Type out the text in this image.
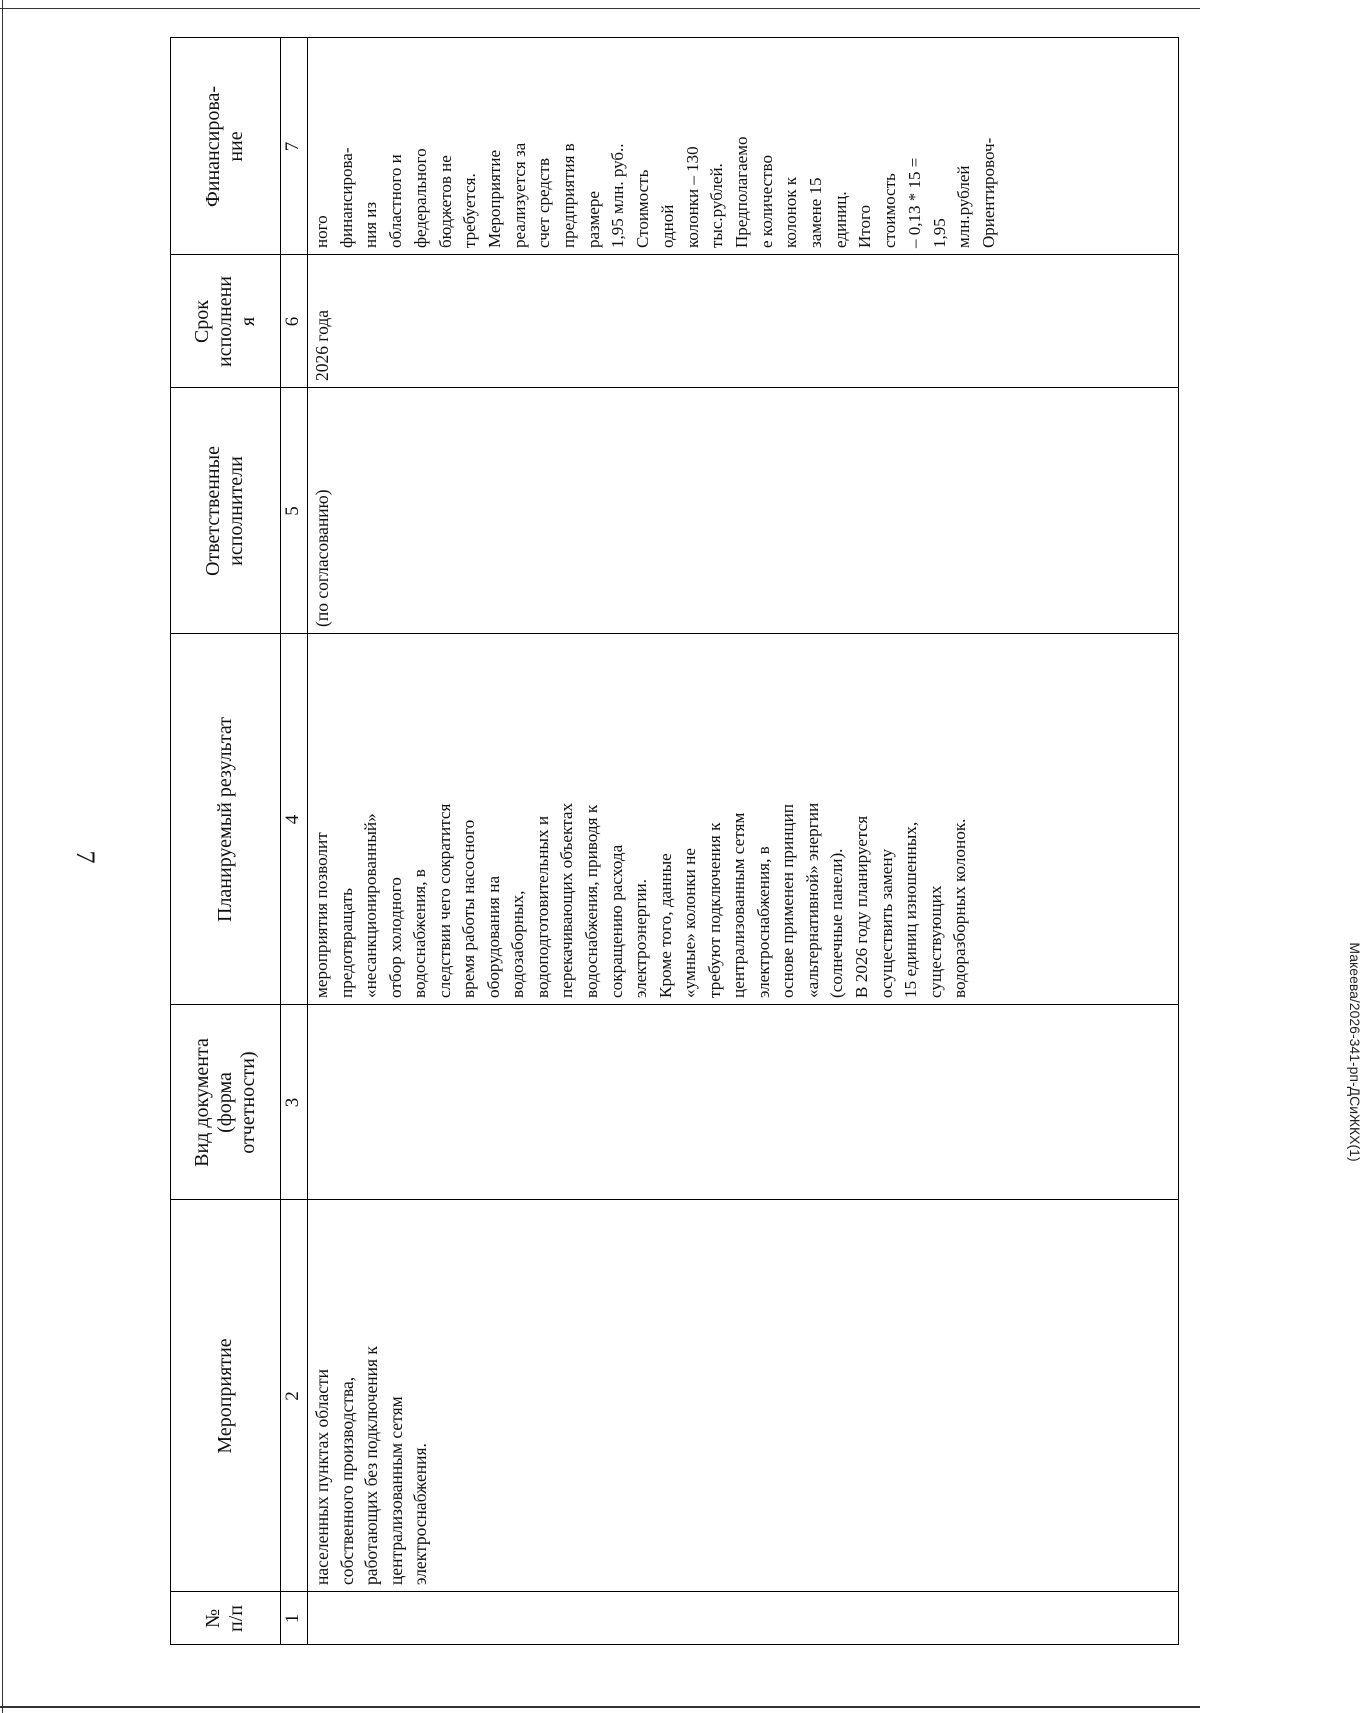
7
№
п/п
Мероприятие
Вид документа
(форма
отчетности)
Планируемый результат
Ответственные
исполнители
Срок
исполнени
я
Финансирова-
ние
1
2
3
4
5
6
7
населенных пунктах области
собственного производства,
работающих без подключения к
централизованным сетям
электроснабжения.
мероприятия позволит
предотвращать
«несанкционированный»
отбор холодного
водоснабжения, в
следствии чего сократится
время работы насосного
оборудования на
водозаборных,
водоподготовительных и
перекачивающих объектах
водоснабжения, приводя к
сокращению расхода
электроэнергии.
Кроме того, данные
«умные» колонки не
требуют подключения к
централизованным сетям
электроснабжения, в
основе применен принцип
«альтернативной» энергии
(солнечные панели).
В 2026 году планируется
осуществить замену
15 единиц изношенных,
существующих
водоразборных колонок.
(по согласованию)
2026 года
ного
финансирова-
ния из
областного и
федерального
бюджетов не
требуется.
Мероприятие
реализуется за
счет средств
предприятия в
размере
1,95 млн. руб..
Стоимость
одной
колонки – 130
тыс.рублей.
Предполагаемо
е количество
колонок к
замене 15
единиц.
Итого
стоимость
– 0,13 * 15 =
1,95
млн.рублей
Ориентировоч-
Макеева/2026-341-рп-ДСиЖКХ(1)
